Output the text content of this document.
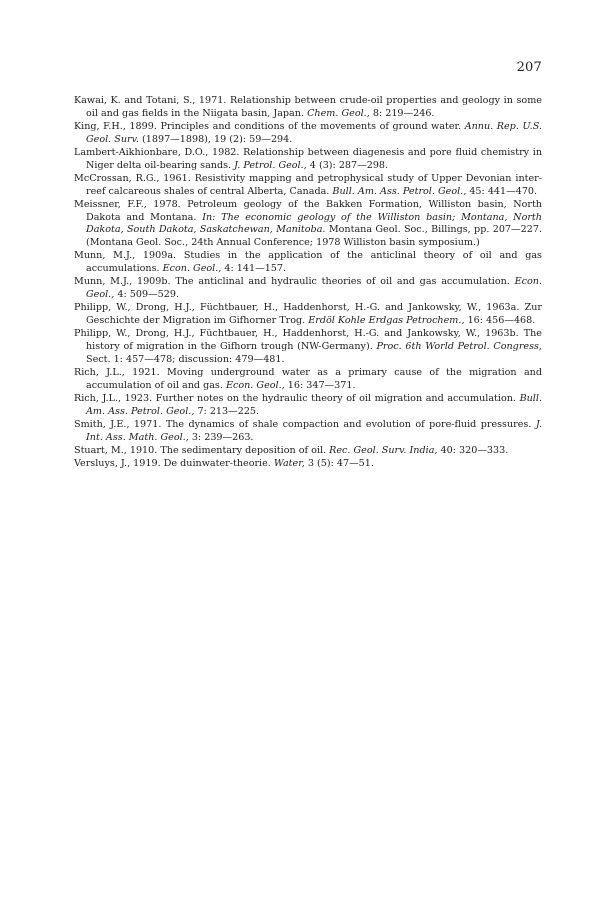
207

Kawai, K. and Totani, S., 1971. Relationship between crude-oil properties and geology in some oil and gas fields in the Niigata basin, Japan. Chem. Geol., 8: 219—246.

King, F.H., 1899. Principles and conditions of the movements of ground water. Annu. Rep. U.S. Geol. Surv. (1897—1898), 19 (2): 59—294.

Lambert-Aikhionbare, D.O., 1982. Relationship between diagenesis and pore fluid chemistry in Niger delta oil-bearing sands. J. Petrol. Geol., 4 (3): 287—298.

McCrossan, R.G., 1961. Resistivity mapping and petrophysical study of Upper Devonian inter-reef calcareous shales of central Alberta, Canada. Bull. Am. Ass. Petrol. Geol., 45: 441—470.

Meissner, F.F., 1978. Petroleum geology of the Bakken Formation, Williston basin, North Dakota and Montana. In: The economic geology of the Williston basin; Montana, North Dakota, South Dakota, Saskatchewan, Manitoba. Montana Geol. Soc., Billings, pp. 207—227. (Montana Geol. Soc., 24th Annual Conference; 1978 Williston basin symposium.)

Munn, M.J., 1909a. Studies in the application of the anticlinal theory of oil and gas accumulations. Econ. Geol., 4: 141—157.

Munn, M.J., 1909b. The anticlinal and hydraulic theories of oil and gas accumulation. Econ. Geol., 4: 509—529.

Philipp, W., Drong, H.J., Füchtbauer, H., Haddenhorst, H.-G. and Jankowsky, W., 1963a. Zur Geschichte der Migration im Gifhorner Trog. Erdöl Kohle Erdgas Petrochem., 16: 456—468.

Philipp, W., Drong, H.J., Füchtbauer, H., Haddenhorst, H.-G. and Jankowsky, W., 1963b. The history of migration in the Gifhorn trough (NW-Germany). Proc. 6th World Petrol. Congress, Sect. 1: 457—478; discussion: 479—481.

Rich, J.L., 1921. Moving underground water as a primary cause of the migration and accumulation of oil and gas. Econ. Geol., 16: 347—371.

Rich, J.L., 1923. Further notes on the hydraulic theory of oil migration and accumulation. Bull. Am. Ass. Petrol. Geol., 7: 213—225.

Smith, J.E., 1971. The dynamics of shale compaction and evolution of pore-fluid pressures. J. Int. Ass. Math. Geol., 3: 239—263.

Stuart, M., 1910. The sedimentary deposition of oil. Rec. Geol. Surv. India, 40: 320—333.

Versluys, J., 1919. De duinwater-theorie. Water, 3 (5): 47—51.
